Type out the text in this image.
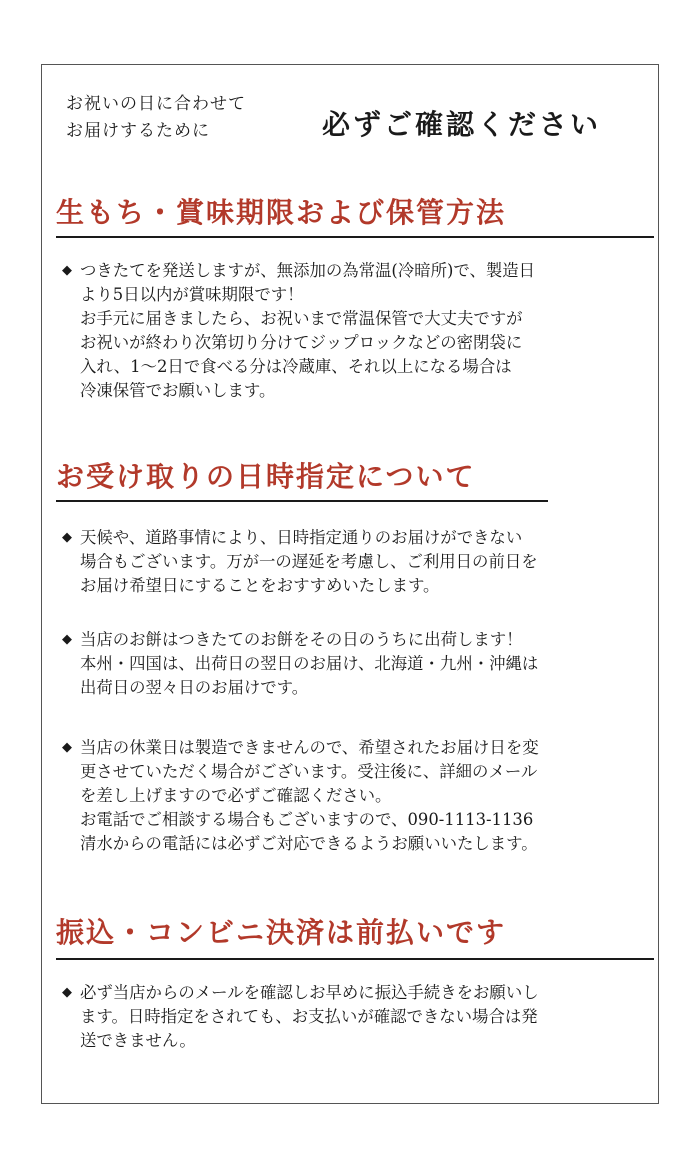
お祝いの日に合わせて
お届けするために	必ずご確認ください
生もち・賞味期限および保管方法
◆ つきたてを発送しますが、無添加の為常温(冷暗所)で、製造日
より5日以内が賞味期限です！
お手元に届きましたら、お祝いまで常温保管で大丈夫ですが
お祝いが終わり次第切り分けてジップロックなどの密閉袋に
入れ、1〜2日で食べる分は冷蔵庫、それ以上になる場合は
冷凍保管でお願いします。
お受け取りの日時指定について
◆ 天候や、道路事情により、日時指定通りのお届けができない
場合もございます。万が一の遅延を考慮し、ご利用日の前日を
お届け希望日にすることをおすすめいたします。
◆ 当店のお餅はつきたてのお餅をその日のうちに出荷します！
本州・四国は、出荷日の翌日のお届け、北海道・九州・沖縄は
出荷日の翌々日のお届けです。
◆ 当店の休業日は製造できませんので、希望されたお届け日を変
更させていただく場合がございます。受注後に、詳細のメール
を差し上げますので必ずご確認ください。
お電話でご相談する場合もございますので、090-1113-1136
清水からの電話には必ずご対応できるようお願いいたします。
振込・コンビニ決済は前払いです
◆ 必ず当店からのメールを確認しお早めに振込手続きをお願いし
ます。日時指定をされても、お支払いが確認できない場合は発
送できません。
